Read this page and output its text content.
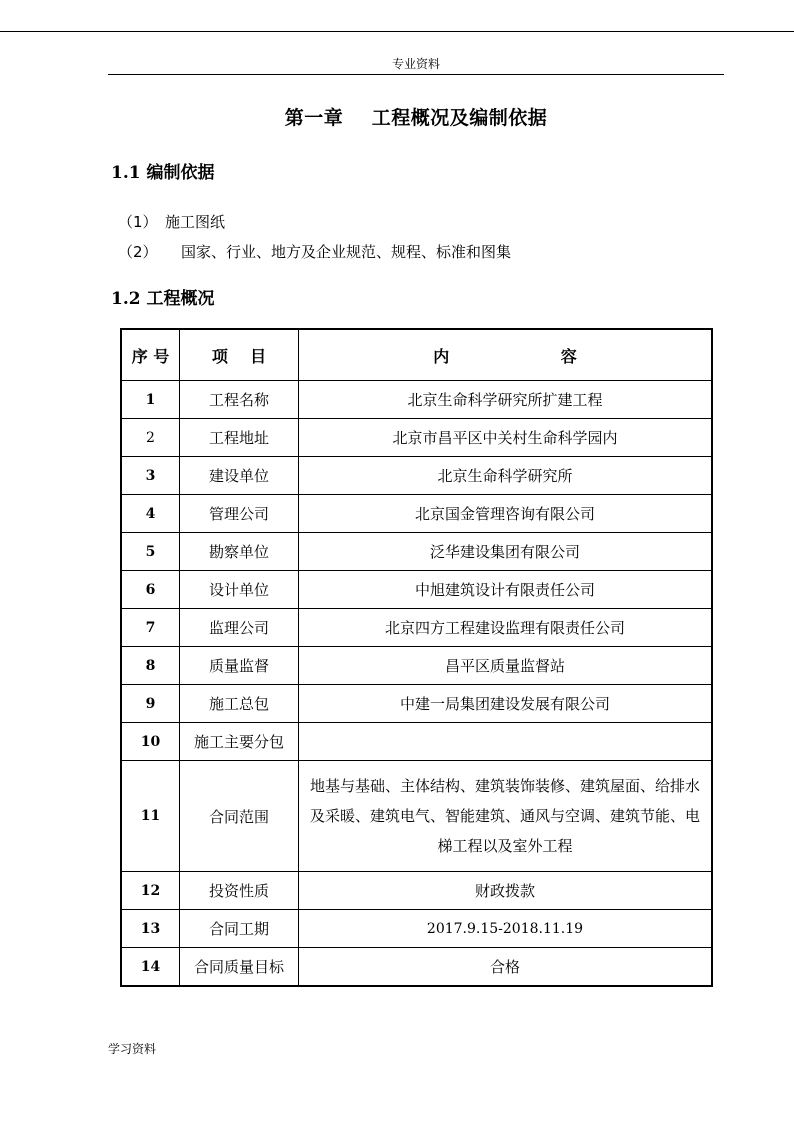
专业资料
第一章    工程概况及编制依据
1.1 编制依据
（1） 施工图纸
（2） 国家、行业、地方及企业规范、规程、标准和图集
1.2 工程概况
序 号	项    目	内                    容
1	工程名称	北京生命科学研究所扩建工程
2	工程地址	北京市昌平区中关村生命科学园内
3	建设单位	北京生命科学研究所
4	管理公司	北京国金管理咨询有限公司
5	勘察单位	泛华建设集团有限公司
6	设计单位	中旭建筑设计有限责任公司
7	监理公司	北京四方工程建设监理有限责任公司
8	质量监督	昌平区质量监督站
9	施工总包	中建一局集团建设发展有限公司
10	施工主要分包	
11	合同范围	地基与基础、主体结构、建筑装饰装修、建筑屋面、给排水及采暖、建筑电气、智能建筑、通风与空调、建筑节能、电梯工程以及室外工程
12	投资性质	财政拨款
13	合同工期	2017.9.15-2018.11.19
14	合同质量目标	合格
学习资料
